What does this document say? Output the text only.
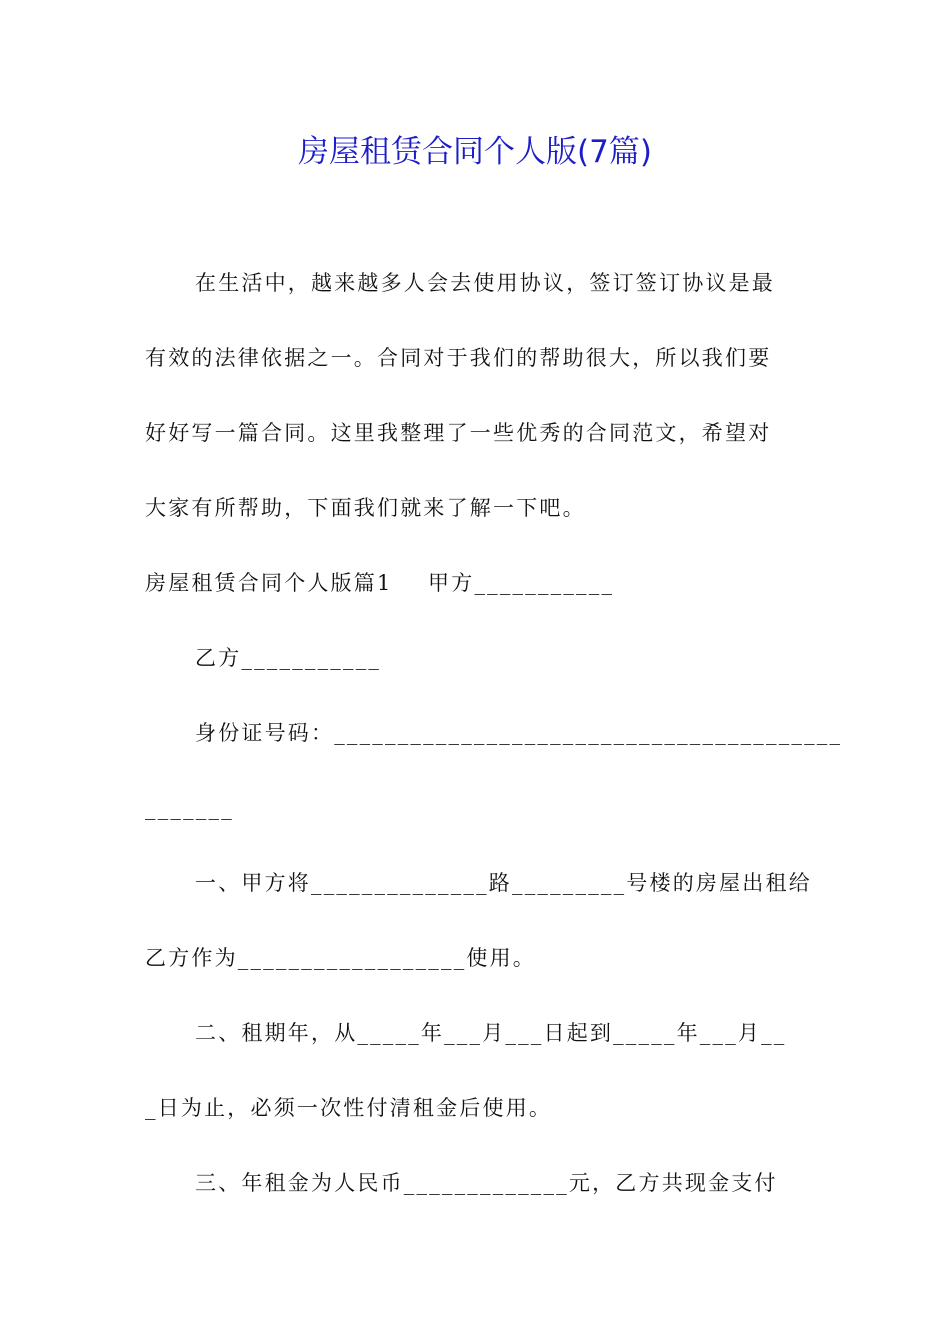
房屋租赁合同个人版(7篇)
在生活中，越来越多人会去使用协议，签订签订协议是最
有效的法律依据之一。合同对于我们的帮助很大，所以我们要
好好写一篇合同。这里我整理了一些优秀的合同范文，希望对
大家有所帮助，下面我们就来了解一下吧。
房屋租赁合同个人版篇1    甲方___________
乙方___________
身份证号码：________________________________________
_______
一、甲方将______________路_________号楼的房屋出租给
乙方作为__________________使用。
二、租期年，从_____年___月___日起到_____年___月__
_日为止，必须一次性付清租金后使用。
三、年租金为人民币_____________元，乙方共现金支付
